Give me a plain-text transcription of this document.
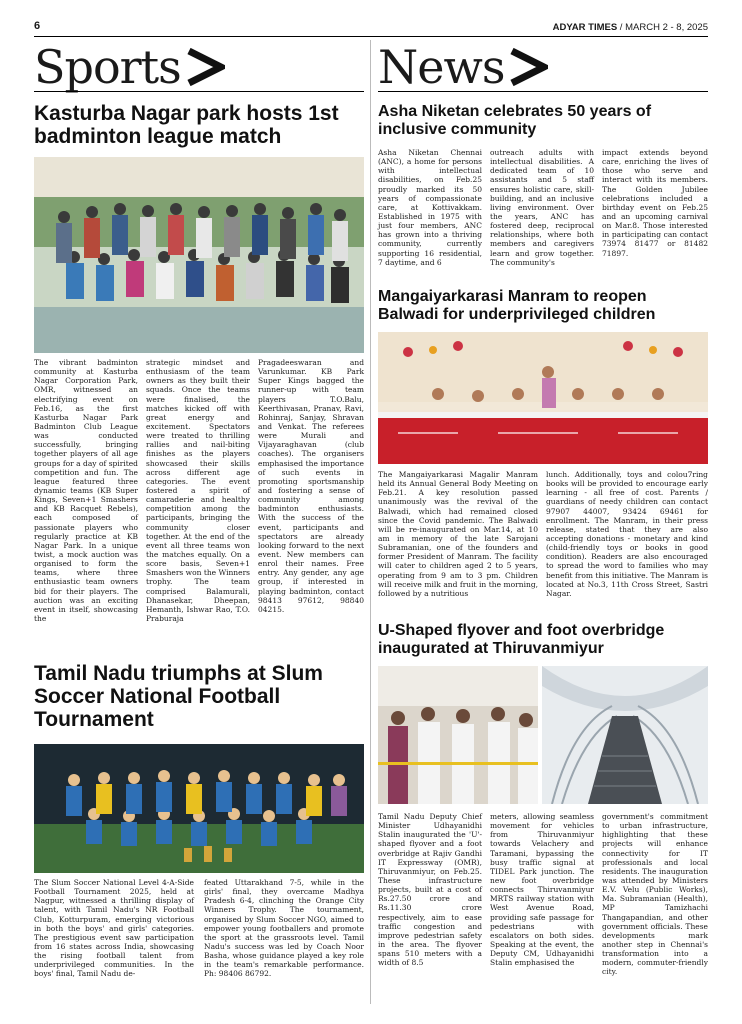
6	ADYAR TIMES / MARCH 2 - 8, 2025
Sports	News
Kasturba Nagar park hosts 1st badminton league match
The vibrant badminton community at Kasturba Nagar Corporation Park, OMR, witnessed an electrifying event on Feb.16, as the first Kasturba Nagar Park Badminton Club League was conducted successfully, bringing together players of all age groups for a day of spirited competition and fun. The league featured three dynamic teams (KB Super Kings, Seven+1 Smashers and KB Racquet Rebels), each composed of passionate players who regularly practice at KB Nagar Park. In a unique twist, a mock auction was organised to form the teams, where three enthusiastic team owners bid for their players. The auction was an exciting event in itself, showcasing the
strategic mindset and enthusiasm of the team owners as they built their squads. Once the teams were finalised, the matches kicked off with great energy and excitement. Spectators were treated to thrilling rallies and nail-biting finishes as the players showcased their skills across different age categories. The event fostered a spirit of camaraderie and healthy competition among the participants, bringing the community closer together. At the end of the event all three teams won the matches equally. On a score basis, Seven+1 Smashers won the Winners trophy. The team comprised Balamurali, Dhanasekar, Dheepan, Hemanth, Ishwar Rao, T.O. Praburaja
Pragadeeswaran and Varunkumar. KB Park Super Kings bagged the runner-up with team players T.O.Balu, Keerthivasan, Pranav, Ravi, Rohinraj, Sanjay, Shravan and Venkat. The referees were Murali and Vijayaraghavan (club coaches). The organisers emphasised the importance of such events in promoting sportsmanship and fostering a sense of community among badminton enthusiasts. With the success of the event, participants and spectators are already looking forward to the next event. New members can enrol their names. Free entry. Any gender, any age group, if interested in playing badminton, contact 98413 97612, 98840 04215.
Tamil Nadu triumphs at Slum Soccer National Football Tournament
The Slum Soccer National Level 4-A-Side Football Tournament 2025, held at Nagpur, witnessed a thrilling display of talent, with Tamil Nadu's NR Football Club, Kotturpuram, emerging victorious in both the boys' and girls' categories. The prestigious event saw participation from 16 states across India, showcasing the rising football talent from underprivileged communities. In the boys' final, Tamil Nadu de-
feated Uttarakhand 7-5, while in the girls' final, they overcame Madhya Pradesh 6-4, clinching the Orange City Winners Trophy. The tournament, organised by Slum Soccer NGO, aimed to empower young footballers and promote the sport at the grassroots level. Tamil Nadu's success was led by Coach Noor Basha, whose guidance played a key role in the team's remarkable performance. Ph: 98406 86792.
Asha Niketan celebrates 50 years of inclusive community
Asha Niketan Chennai (ANC), a home for persons with intellectual disabilities, on Feb.25 proudly marked its 50 years of compassionate care, at Kottivakkam. Established in 1975 with just four members, ANC has grown into a thriving community, currently supporting 16 residential, 7 daytime, and 6
outreach adults with intellectual disabilities. A dedicated team of 10 assistants and 5 staff ensures holistic care, skill-building, and an inclusive living environment. Over the years, ANC has fostered deep, reciprocal relationships, where both members and caregivers learn and grow together. The community's
impact extends beyond care, enriching the lives of those who serve and interact with its members. The Golden Jubilee celebrations included a birthday event on Feb.25 and an upcoming carnival on Mar.8. Those interested in participating can contact 73974 81477 or 81482 71897.
Mangaiyarkarasi Manram to reopen Balwadi for underprivileged children
The Mangaiyarkarasi Magalir Manram held its Annual General Body Meeting on Feb.21. A key resolution passed unanimously was the revival of the Balwadi, which had remained closed since the Covid pandemic. The Balwadi will be re-inaugurated on Mar.14, at 10 am in memory of the late Sarojani Subramanian, one of the founders and former President of Manram. The facility will cater to children aged 2 to 5 years, operating from 9 am to 3 pm. Children will receive milk and fruit in the morning, followed by a nutritious
lunch. Additionally, toys and colou7ring books will be provided to encourage early learning - all free of cost. Parents / guardians of needy children can contact 97907 44007, 93424 69461 for enrollment. The Manram, in their press release, stated that they are also accepting donations - monetary and kind (child-friendly toys or books in good condition). Readers are also encouraged to spread the word to families who may benefit from this initiative. The Manram is located at No.3, 11th Cross Street, Sastri Nagar.
U-Shaped flyover and foot overbridge inaugurated at Thiruvanmiyur
Tamil Nadu Deputy Chief Minister Udhayanidhi Stalin inaugurated the 'U'-shaped flyover and a foot overbridge at Rajiv Gandhi IT Expressway (OMR), Thiruvanmiyur, on Feb.25. These infrastructure projects, built at a cost of Rs.27.50 crore and Rs.11.30 crore respectively, aim to ease traffic congestion and improve pedestrian safety in the area. The flyover spans 510 meters with a width of 8.5
meters, allowing seamless movement for vehicles from Thiruvanmiyur towards Velachery and Taramani, bypassing the busy traffic signal at TIDEL Park junction. The new foot overbridge connects Thiruvanmiyur MRTS railway station with West Avenue Road, providing safe passage for pedestrians with escalators on both sides. Speaking at the event, the Deputy CM, Udhayanidhi Stalin emphasised the
government's commitment to urban infrastructure, highlighting that these projects will enhance connectivity for IT professionals and local residents. The inauguration was attended by Ministers E.V. Velu (Public Works), Ma. Subramanian (Health), MP Tamizhachi Thangapandian, and other government officials. These developments mark another step in Chennai's transformation into a modern, commuter-friendly city.
